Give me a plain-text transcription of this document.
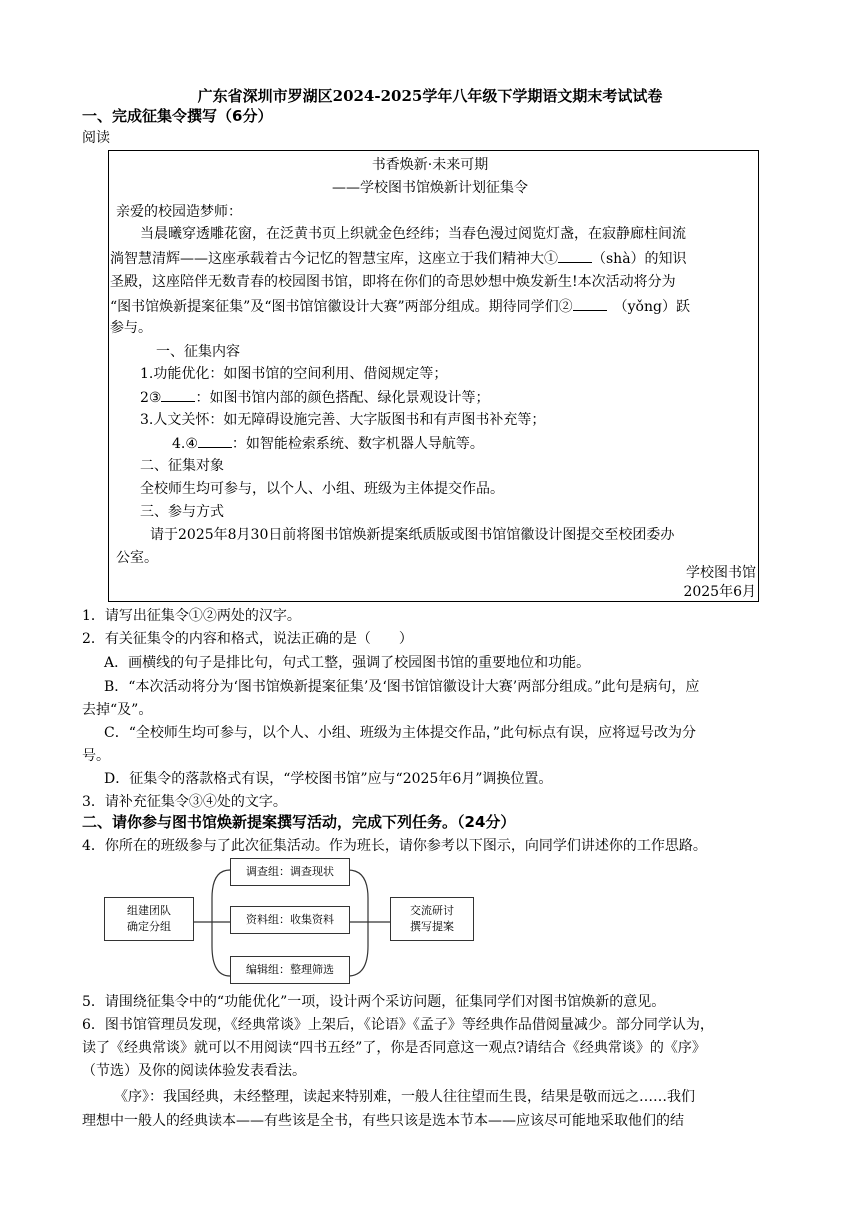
广东省深圳市罗湖区2024-2025学年八年级下学期语文期末考试试卷
一、完成征集令撰写（6分）
阅读
书香焕新·未来可期
——学校图书馆焕新计划征集令
亲爱的校园造梦师：
当晨曦穿透雕花窗，在泛黄书页上织就金色经纬；当春色漫过阅览灯盏，在寂静廊柱间流
淌智慧清辉——这座承载着古今记忆的智慧宝库，这座立于我们精神大① （shà）的知识
圣殿，这座陪伴无数青春的校园图书馆，即将在你们的奇思妙想中焕发新生!本次活动将分为
“图书馆焕新提案征集”及“图书馆馆徽设计大赛”两部分组成。期待同学们②　	（yǒng）跃
参与。
一、征集内容
1.功能优化：如图书馆的空间利用、借阅规定等；
2③ ：如图书馆内部的颜色搭配、绿化景观设计等；
3.人文关怀：如无障碍设施完善、大字版图书和有声图书补充等；
4.④ ：如智能检索系统、数字机器人导航等。
二、征集对象
全校师生均可参与，以个人、小组、班级为主体提交作品。
三、参与方式
请于2025年8月30日前将图书馆焕新提案纸质版或图书馆馆徽设计图提交至校团委办
公室。
学校图书馆
2025年6月
1．请写出征集令①②两处的汉字。
2．有关征集令的内容和格式，说法正确的是（　　）
A．画横线的句子是排比句，句式工整，强调了校园图书馆的重要地位和功能。
B．“本次活动将分为‘图书馆焕新提案征集’及‘图书馆馆徽设计大赛’两部分组成。”此句是病句，应
去掉“及”。
C．“全校师生均可参与，以个人、小组、班级为主体提交作品，”此句标点有误，应将逗号改为分
号。
D．征集令的落款格式有误，“学校图书馆”应与“2025年6月”调换位置。
3．请补充征集令③④处的文字。
二、请你参与图书馆焕新提案撰写活动，完成下列任务。（24分）
4．你所在的班级参与了此次征集活动。作为班长，请你参考以下图示，向同学们讲述你的工作思路。
组建团队
确定分组
调查组：调查现状
资料组：收集资料
编辑组：整理筛选
交流研讨
撰写提案
5．请围绕征集令中的“功能优化”一项，设计两个采访问题，征集同学们对图书馆焕新的意见。
6．图书馆管理员发现，《经典常谈》上架后，《论语》《孟子》等经典作品借阅量减少。部分同学认为，
读了《经典常谈》就可以不用阅读“四书五经”了，你是否同意这一观点?请结合《经典常谈》的《序》
（节选）及你的阅读体验发表看法。
《序》：我国经典，未经整理，读起来特别难，一般人往往望而生畏，结果是敬而远之……我们
理想中一般人的经典读本——有些该是全书，有些只该是选本节本——应该尽可能地采取他们的结
